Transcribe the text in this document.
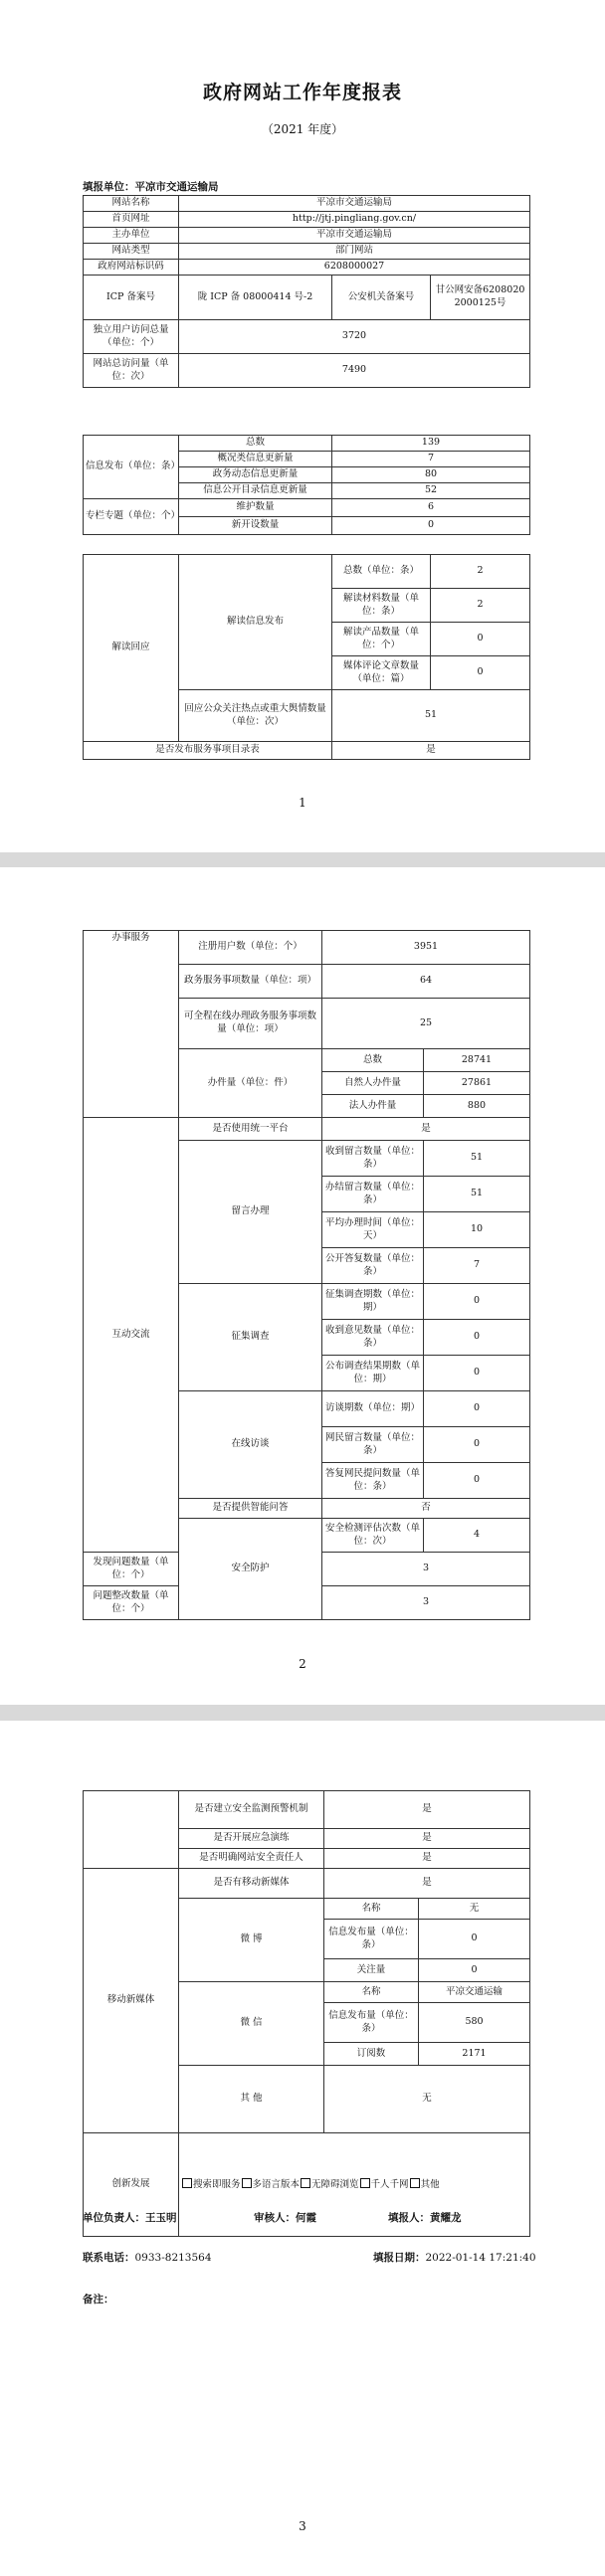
政府网站工作年度报表
（2021 年度）
填报单位：平凉市交通运输局
网站名称	平凉市交通运输局		
首页网址	http://jtj.pingliang.gov.cn/		
主办单位	平凉市交通运输局		
网站类型	部门网站		
政府网站标识码	6208000027		
ICP 备案号	陇 ICP 备 08000414 号-2	公安机关备案号	甘公网安备62080202000125号
独立用户访问总量（单位：个）	3720		
网站总访问量（单位：次）	7490		
信息发布（单位：条）	总数	139
	概况类信息更新量	7
	政务动态信息更新量	80
	信息公开目录信息更新量	52
专栏专题（单位：个）	维护数量	6
	新开设数量	0
解读回应	解读信息发布	总数（单位：条）	2
		解读材料数量（单位：条）	2
		解读产品数量（单位：个）	0
		媒体评论文章数量（单位：篇）	0
	回应公众关注热点或重大舆情数量（单位：次）	51	
是否发布服务事项目录表		是	
1
办事服务	注册用户数（单位：个）	3951	
	政务服务事项数量（单位：项）	64	
	可全程在线办理政务服务事项数量（单位：项）	25	
	办件量（单位：件）	总数	28741
		自然人办件量	27861
		法人办件量	880
互动交流	是否使用统一平台	是	
	留言办理	收到留言数量（单位：条）	51
		办结留言数量（单位：条）	51
		平均办理时间（单位：天）	10
		公开答复数量（单位：条）	7
	征集调查	征集调查期数（单位：期）	0
		收到意见数量（单位：条）	0
		公布调查结果期数（单位：期）	0
	在线访谈	访谈期数（单位：期）	0
		网民留言数量（单位：条）	0
		答复网民提问数量（单位：条）	0
	是否提供智能问答	否	
	安全防护	安全检测评估次数（单位：次）	4
发现问题数量（单位：个）		3	
问题整改数量（单位：个）		3	
2
	是否建立安全监测预警机制	是	
	是否开展应急演练	是	
	是否明确网站安全责任人	是	
移动新媒体	是否有移动新媒体	是	
	微 博	名称	无
		信息发布量（单位：条）	0
		关注量	0
	微 信	名称	平凉交通运输
		信息发布量（单位：条）	580
		订阅数	2171
	其 他	无	
创新发展	搜索即服务 多语言版本 无障碍浏览 千人千网 其他		
单位负责人：王玉明	审核人：何霞	填报人：黄耀龙
联系电话：0933-8213564	填报日期：2022-01-14 17:21:40
备注：
3
